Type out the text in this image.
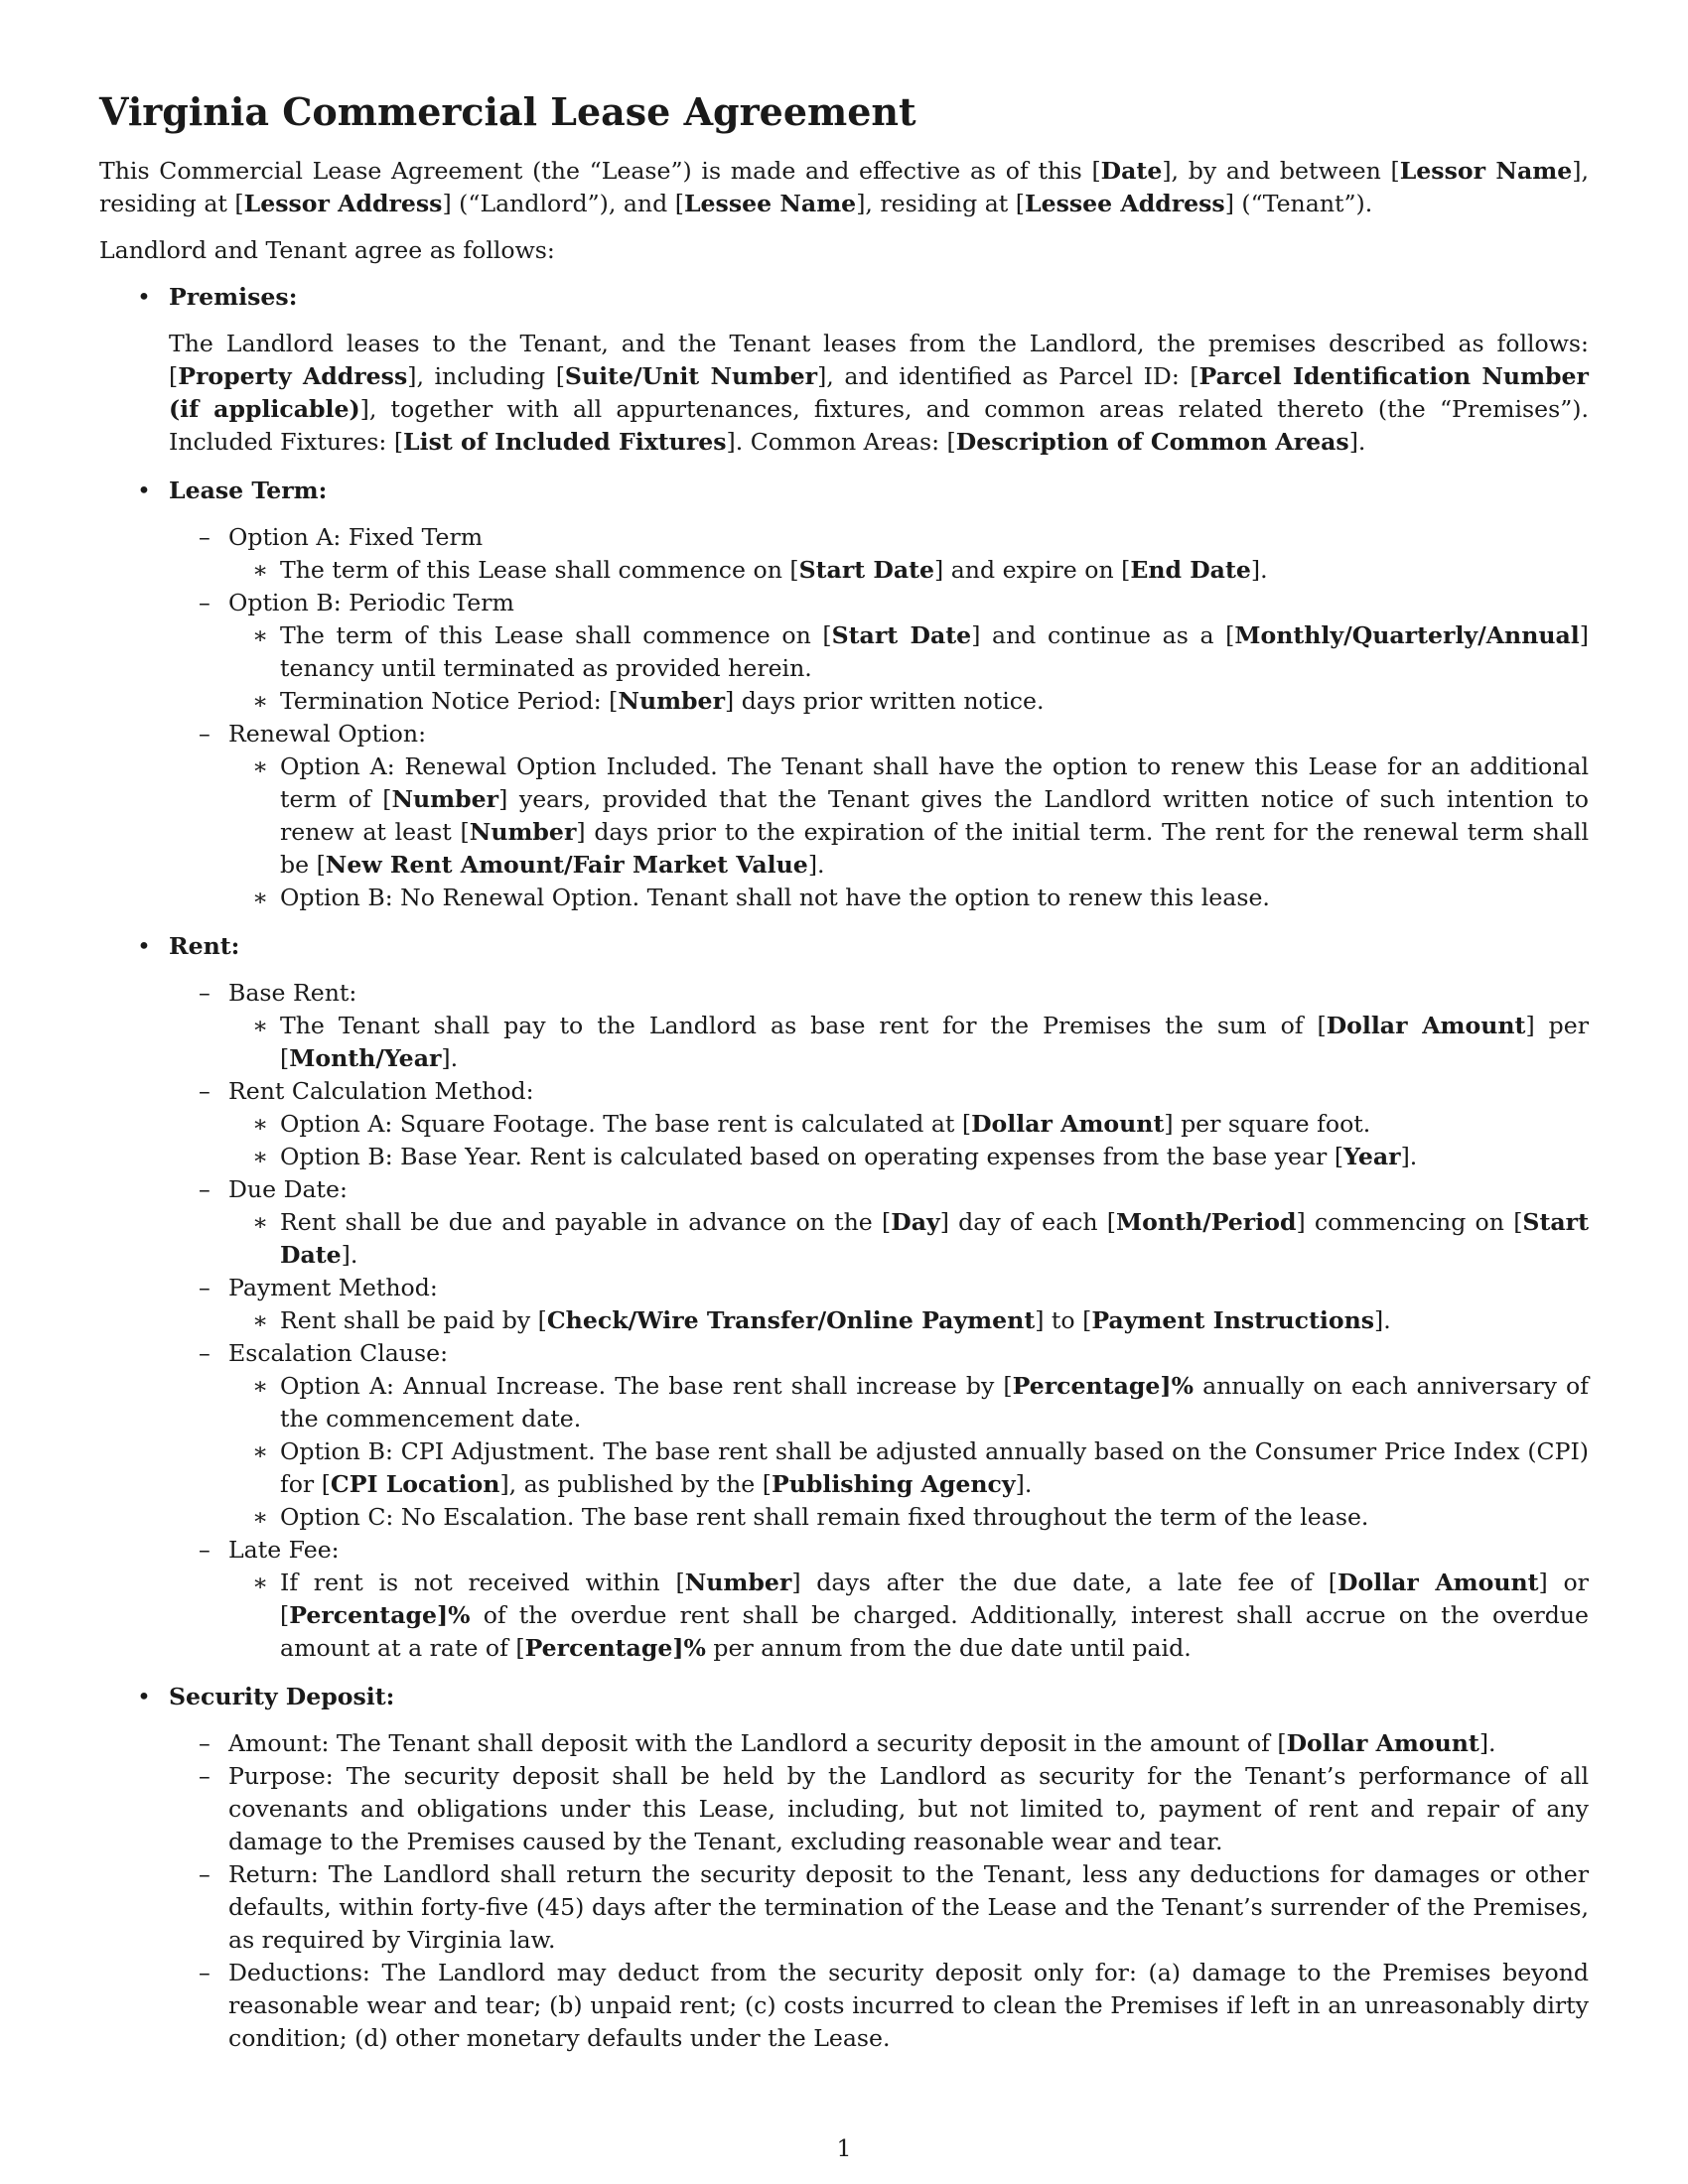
Virginia Commercial Lease Agreement

This Commercial Lease Agreement (the “Lease”) is made and effective as of this [Date], by and between [Lessor Name], residing at [Lessor Address] (“Landlord”), and [Lessee Name], residing at [Lessee Address] (“Tenant”).

Landlord and Tenant agree as follows:

• Premises:

The Landlord leases to the Tenant, and the Tenant leases from the Landlord, the premises described as follows: [Property Address], including [Suite/Unit Number], and identified as Parcel ID: [Parcel Identification Number (if applicable)], together with all appurtenances, fixtures, and common areas related thereto (the “Premises”). Included Fixtures: [List of Included Fixtures]. Common Areas: [Description of Common Areas].

• Lease Term:
– Option A: Fixed Term
∗ The term of this Lease shall commence on [Start Date] and expire on [End Date].
– Option B: Periodic Term
∗ The term of this Lease shall commence on [Start Date] and continue as a [Monthly/Quarterly/Annual] tenancy until terminated as provided herein.
∗ Termination Notice Period: [Number] days prior written notice.
– Renewal Option:
∗ Option A: Renewal Option Included. The Tenant shall have the option to renew this Lease for an additional term of [Number] years, provided that the Tenant gives the Landlord written notice of such intention to renew at least [Number] days prior to the expiration of the initial term. The rent for the renewal term shall be [New Rent Amount/Fair Market Value].
∗ Option B: No Renewal Option. Tenant shall not have the option to renew this lease.
• Rent:
– Base Rent:
∗ The Tenant shall pay to the Landlord as base rent for the Premises the sum of [Dollar Amount] per [Month/Year].
– Rent Calculation Method:
∗ Option A: Square Footage. The base rent is calculated at [Dollar Amount] per square foot.
∗ Option B: Base Year. Rent is calculated based on operating expenses from the base year [Year].
– Due Date:
∗ Rent shall be due and payable in advance on the [Day] day of each [Month/Period] commencing on [Start Date].
– Payment Method:
∗ Rent shall be paid by [Check/Wire Transfer/Online Payment] to [Payment Instructions].
– Escalation Clause:
∗ Option A: Annual Increase. The base rent shall increase by [Percentage]% annually on each anniversary of the commencement date.
∗ Option B: CPI Adjustment. The base rent shall be adjusted annually based on the Consumer Price Index (CPI) for [CPI Location], as published by the [Publishing Agency].
∗ Option C: No Escalation. The base rent shall remain fixed throughout the term of the lease.
– Late Fee:
∗ If rent is not received within [Number] days after the due date, a late fee of [Dollar Amount] or [Percentage]% of the overdue rent shall be charged. Additionally, interest shall accrue on the overdue amount at a rate of [Percentage]% per annum from the due date until paid.
• Security Deposit:
– Amount: The Tenant shall deposit with the Landlord a security deposit in the amount of [Dollar Amount].
– Purpose: The security deposit shall be held by the Landlord as security for the Tenant’s performance of all covenants and obligations under this Lease, including, but not limited to, payment of rent and repair of any damage to the Premises caused by the Tenant, excluding reasonable wear and tear.
– Return: The Landlord shall return the security deposit to the Tenant, less any deductions for damages or other defaults, within forty-five (45) days after the termination of the Lease and the Tenant’s surrender of the Premises, as required by Virginia law.
– Deductions: The Landlord may deduct from the security deposit only for: (a) damage to the Premises beyond reasonable wear and tear; (b) unpaid rent; (c) costs incurred to clean the Premises if left in an unreasonably dirty condition; (d) other monetary defaults under the Lease.
1
